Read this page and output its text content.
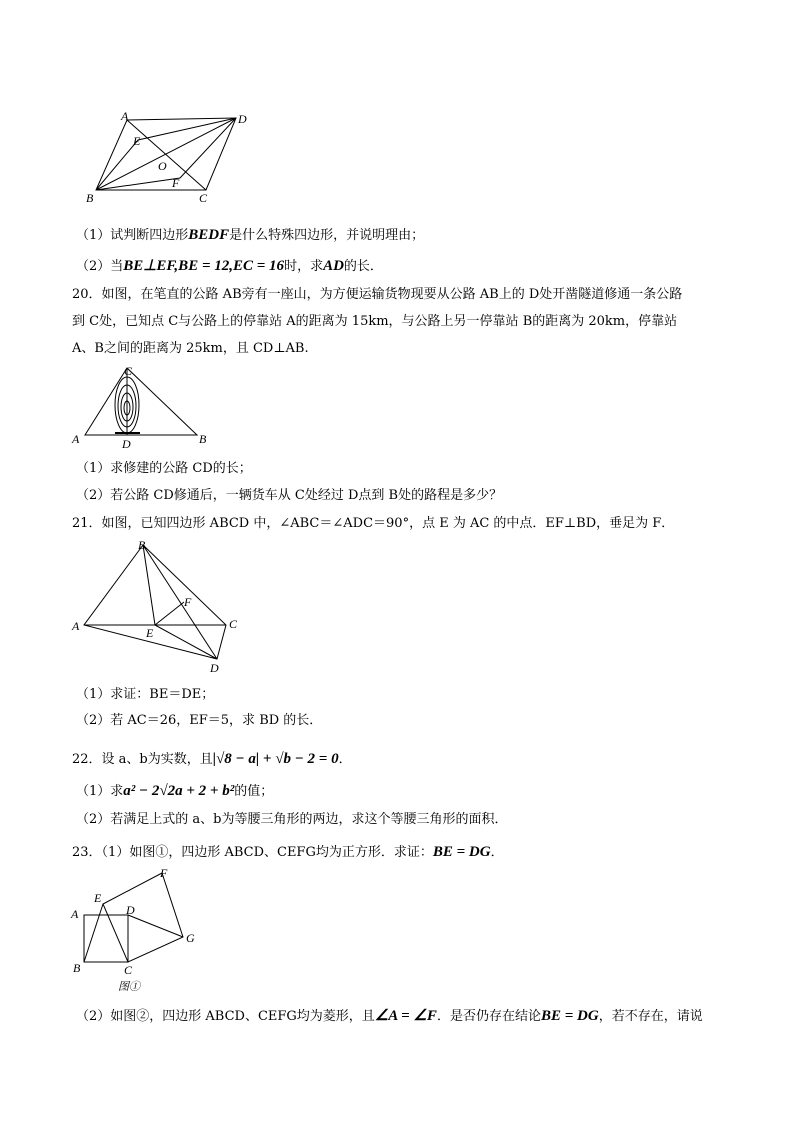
A	D
E
O
F
B	C
A	B
C
D
B
F
A	C
E
D
A
B	C
D
E
F
G
图①
（1）试判断四边形BEDF是什么特殊四边形，并说明理由；
（2）当BE⊥EF,BE = 12,EC = 16时，求AD的长．
20．如图，在笔直的公路 AB旁有一座山，为方便运输货物现要从公路 AB上的 D处开凿隧道修通一条公路
到 C处，已知点 C与公路上的停靠站 A的距离为 15km，与公路上另一停靠站 B的距离为 20km，停靠站
A、B之间的距离为 25km，且 CD⊥AB.
（1）求修建的公路 CD的长；
（2）若公路 CD修通后，一辆货车从 C处经过 D点到 B处的路程是多少？
21．如图，已知四边形 ABCD 中，∠ABC＝∠ADC＝90°，点 E 为 AC 的中点．EF⊥BD，垂足为 F．
（1）求证：BE＝DE；
（2）若 AC＝26，EF＝5，求 BD 的长．
22．设 a、b为实数，且|√8 − a| + √b − 2 = 0．
（1）求a² − 2√2a + 2 + b²的值；
（2）若满足上式的 a、b为等腰三角形的两边，求这个等腰三角形的面积．
23．（1）如图①，四边形 ABCD、CEFG均为正方形．求证：BE = DG．
（2）如图②，四边形 ABCD、CEFG均为菱形，且∠A = ∠F．是否仍存在结论BE = DG，若不存在，请说
